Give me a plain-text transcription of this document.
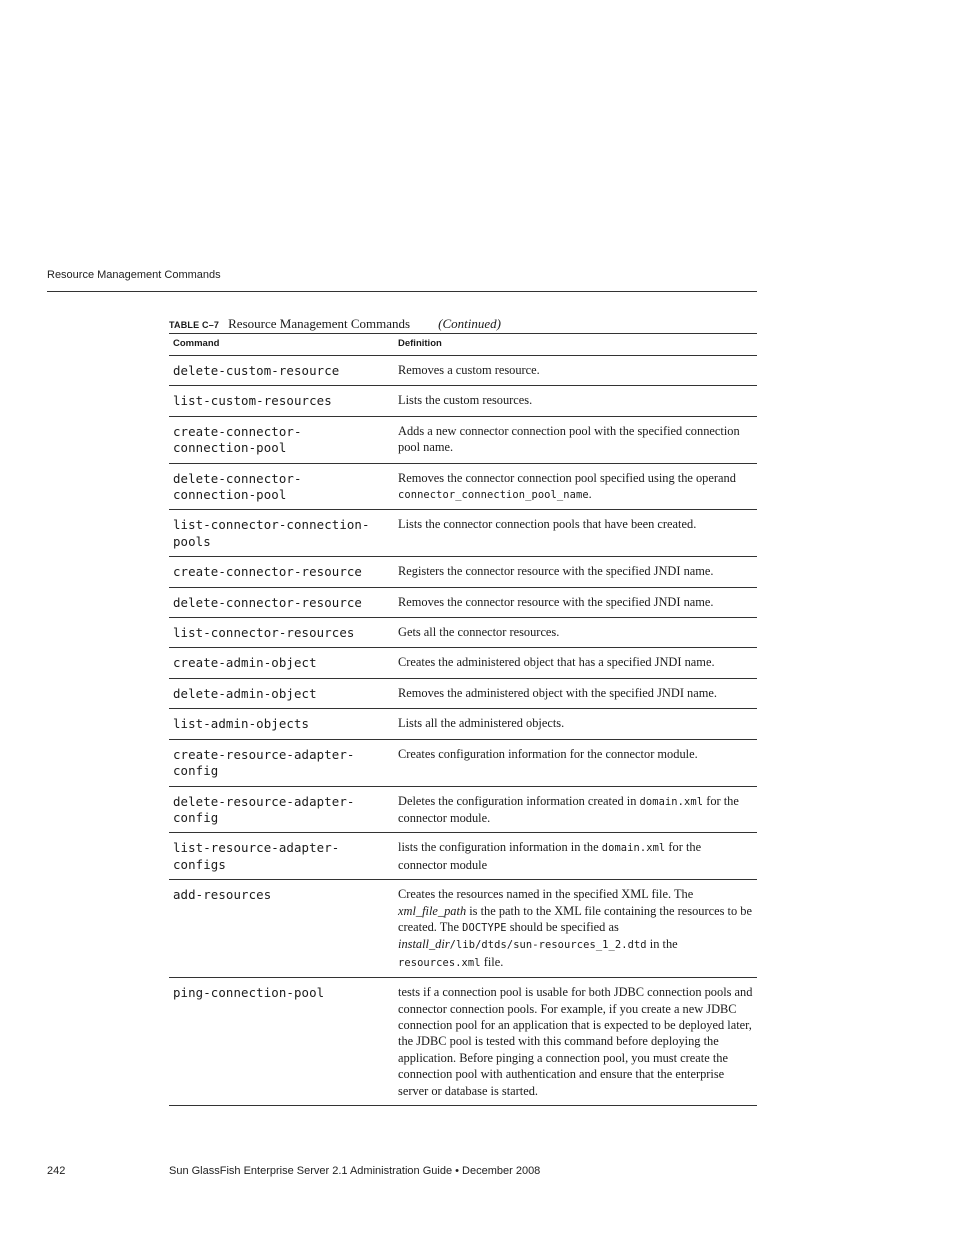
Resource Management Commands
TABLE C–7 Resource Management Commands (Continued)
Command	Definition
delete-custom-resource	Removes a custom resource.
list-custom-resources	Lists the custom resources.
create-connector-connection-pool	Adds a new connector connection pool with the specified connection pool name.
delete-connector-connection-pool	Removes the connector connection pool specified using the operand connector_connection_pool_name.
list-connector-connection-pools	Lists the connector connection pools that have been created.
create-connector-resource	Registers the connector resource with the specified JNDI name.
delete-connector-resource	Removes the connector resource with the specified JNDI name.
list-connector-resources	Gets all the connector resources.
create-admin-object	Creates the administered object that has a specified JNDI name.
delete-admin-object	Removes the administered object with the specified JNDI name.
list-admin-objects	Lists all the administered objects.
create-resource-adapter-config	Creates configuration information for the connector module.
delete-resource-adapter-config	Deletes the configuration information created in domain.xml for the connector module.
list-resource-adapter-configs	lists the configuration information in the domain.xml for the connector module
add-resources	Creates the resources named in the specified XML file. The xml_file_path is the path to the XML file containing the resources to be created. The DOCTYPE should be specified as install_dir/lib/dtds/sun-resources_1_2.dtd in the resources.xml file.
ping-connection-pool	tests if a connection pool is usable for both JDBC connection pools and connector connection pools. For example, if you create a new JDBC connection pool for an application that is expected to be deployed later, the JDBC pool is tested with this command before deploying the application. Before pinging a connection pool, you must create the connection pool with authentication and ensure that the enterprise server or database is started.
242	Sun GlassFish Enterprise Server 2.1 Administration Guide • December 2008
